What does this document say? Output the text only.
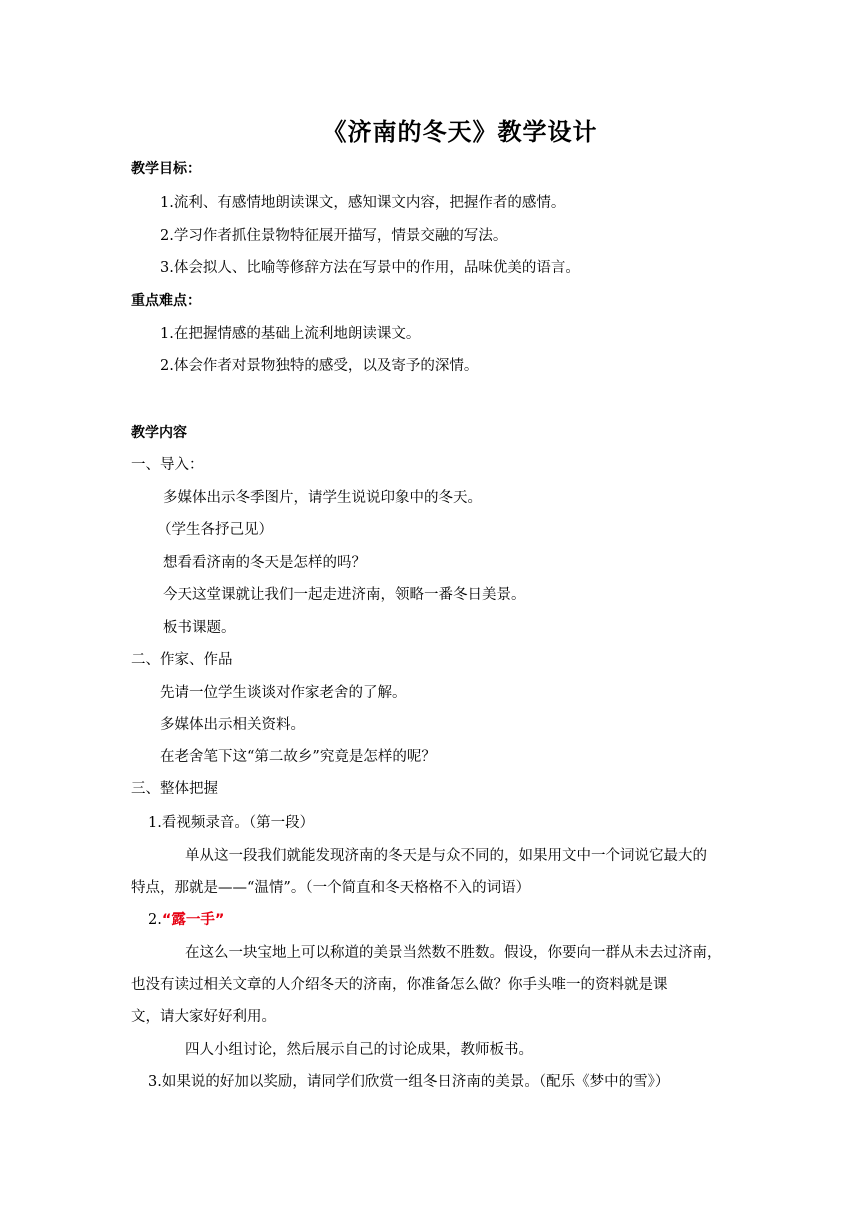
《济南的冬天》教学设计
教学目标：
1.流利、有感情地朗读课文，感知课文内容，把握作者的感情。
2.学习作者抓住景物特征展开描写，情景交融的写法。
3.体会拟人、比喻等修辞方法在写景中的作用，品味优美的语言。
重点难点：
1.在把握情感的基础上流利地朗读课文。
2.体会作者对景物独特的感受，以及寄予的深情。
教学内容
一、导入：
多媒体出示冬季图片，请学生说说印象中的冬天。
（学生各抒己见）
想看看济南的冬天是怎样的吗？
今天这堂课就让我们一起走进济南，领略一番冬日美景。
板书课题。
二、作家、作品
先请一位学生谈谈对作家老舍的了解。
多媒体出示相关资料。
在老舍笔下这“第二故乡”究竟是怎样的呢？
三、整体把握
1.看视频录音。（第一段）
单从这一段我们就能发现济南的冬天是与众不同的，如果用文中一个词说它最大的
特点，那就是——“温情”。（一个简直和冬天格格不入的词语）
2.“露一手”
在这么一块宝地上可以称道的美景当然数不胜数。假设，你要向一群从未去过济南，
也没有读过相关文章的人介绍冬天的济南，你准备怎么做？你手头唯一的资料就是课
文，请大家好好利用。
四人小组讨论，然后展示自己的讨论成果，教师板书。
3.如果说的好加以奖励，请同学们欣赏一组冬日济南的美景。（配乐《梦中的雪》）
